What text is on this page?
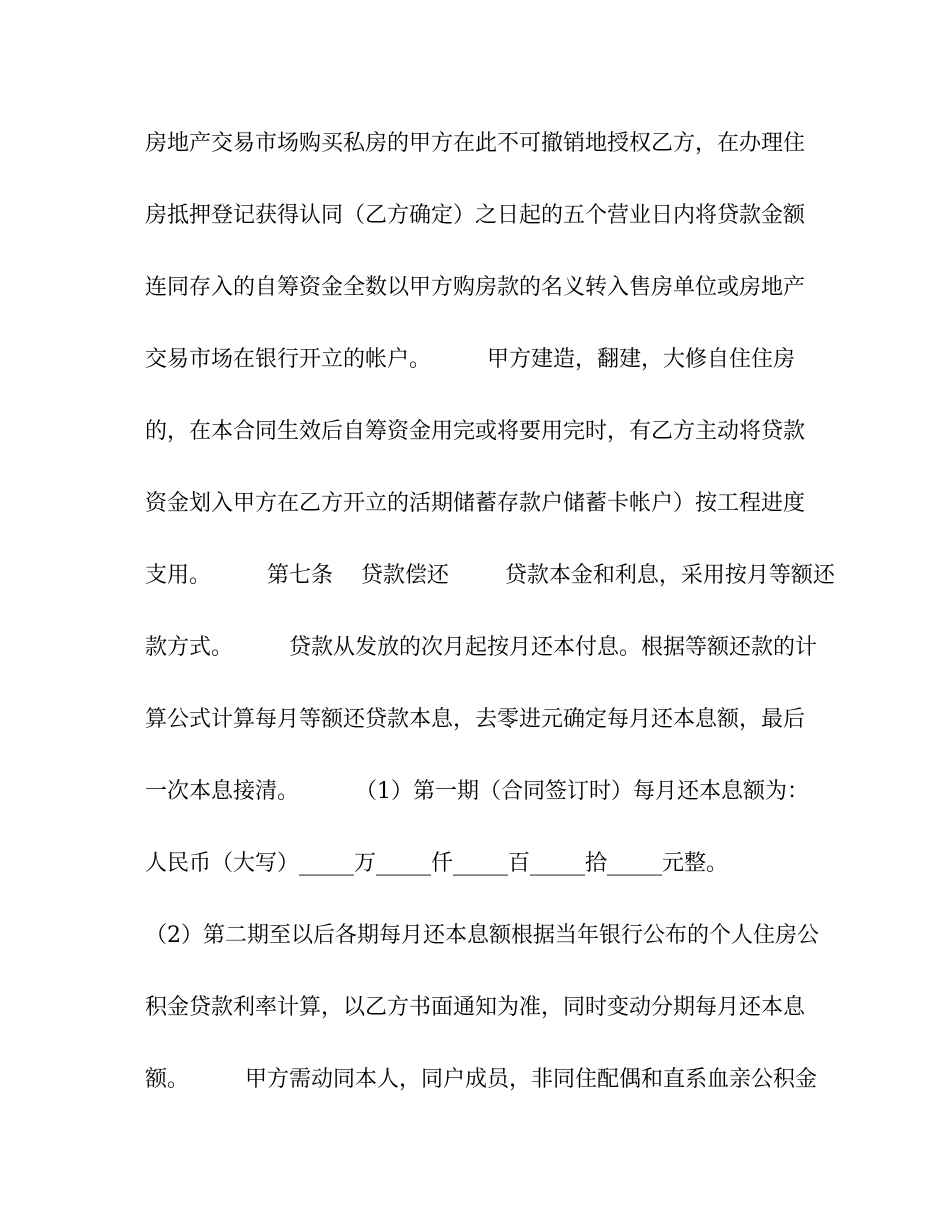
房地产交易市场购买私房的甲方在此不可撤销地授权乙方，在办理住

房抵押登记获得认同（乙方确定）之日起的五个营业日内将贷款金额

连同存入的自筹资金全数以甲方购房款的名义转入售房单位或房地产

交易市场在银行开立的帐户。        甲方建造，翻建，大修自住住房

的，在本合同生效后自筹资金用完或将要用完时，有乙方主动将贷款

资金划入甲方在乙方开立的活期储蓄存款户储蓄卡帐户）按工程进度

支用。        第七条    贷款偿还        贷款本金和利息，采用按月等额还

款方式。        贷款从发放的次月起按月还本付息。根据等额还款的计

算公式计算每月等额还贷款本息，去零进元确定每月还本息额，最后

一次本息接清。        （1）第一期（合同签订时）每月还本息额为：

人民币（大写）_____万_____仟_____百_____拾_____元整。

（2）第二期至以后各期每月还本息额根据当年银行公布的个人住房公

积金贷款利率计算，以乙方书面通知为准，同时变动分期每月还本息

额。        甲方需动同本人，同户成员，非同住配偶和直系血亲公积金
